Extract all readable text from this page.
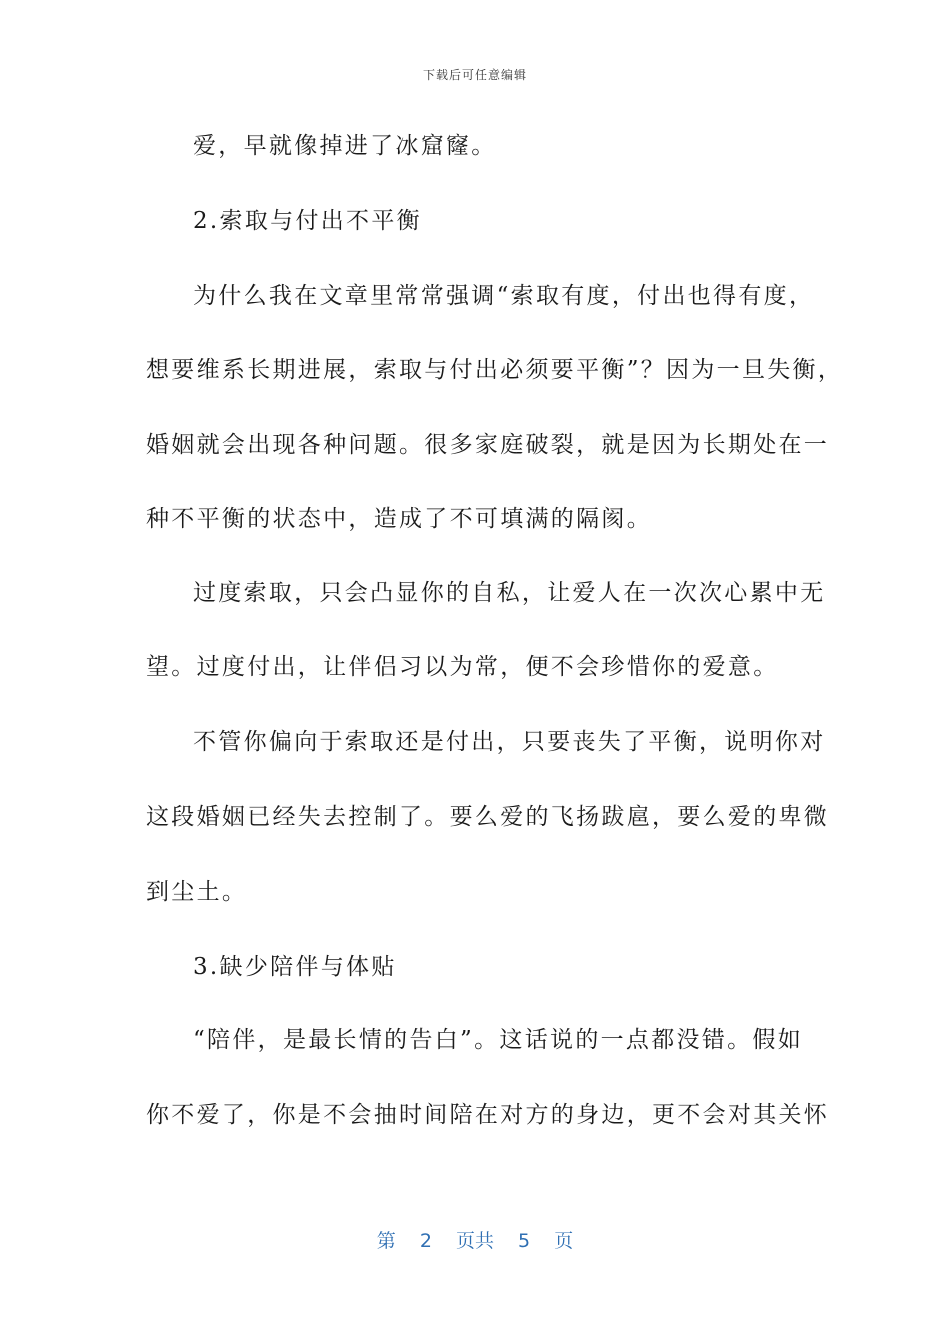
下载后可任意编辑
爱，早就像掉进了冰窟窿。
2.索取与付出不平衡
为什么我在文章里常常强调“索取有度，付出也得有度，
想要维系长期进展，索取与付出必须要平衡”？因为一旦失衡，
婚姻就会出现各种问题。很多家庭破裂，就是因为长期处在一
种不平衡的状态中，造成了不可填满的隔阂。
过度索取，只会凸显你的自私，让爱人在一次次心累中无
望。过度付出，让伴侣习以为常，便不会珍惜你的爱意。
不管你偏向于索取还是付出，只要丧失了平衡，说明你对
这段婚姻已经失去控制了。要么爱的飞扬跋扈，要么爱的卑微
到尘土。
3.缺少陪伴与体贴
“陪伴，是最长情的告白”。这话说的一点都没错。假如
你不爱了，你是不会抽时间陪在对方的身边，更不会对其关怀
第 2 页共 5 页
